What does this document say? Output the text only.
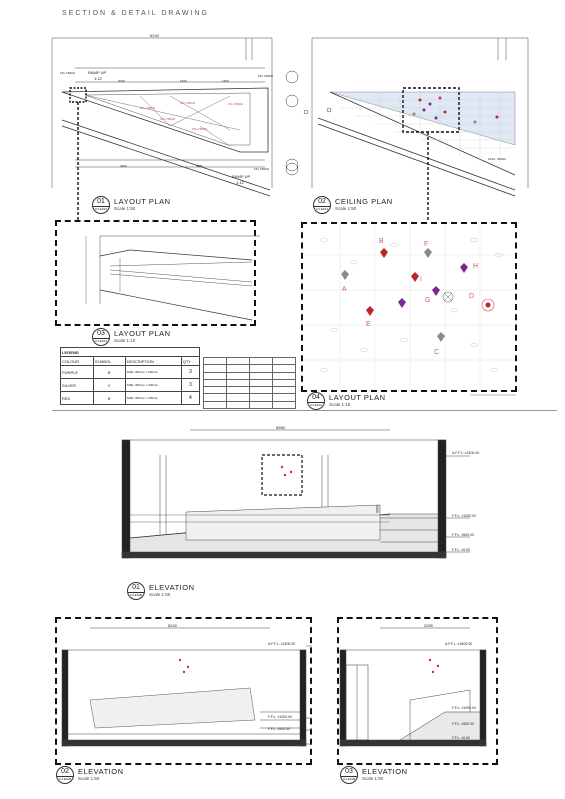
SECTION & DETAIL DRAWING
FFL ±500H
FFL ±500H
FFL ±500H
FFL ±500H
FFL ±500H
B	F
H
A
I
G
D
E
C
RAMP UP
1:12
RAMP UP
1:12
FFL ±500H
FFL ±500H
FFL ±500H
6240
3030	1600	1400
2900	2880
AFFL: 2400H
01
C3-E10A
LAYOUT PLAN
Scale 1:50
02
C3-E10A
CEILING PLAN
Scale 1:50
03
C3-E10A
LAYOUT PLAN
Scale 1:10
04
C3-E10A
LAYOUT PLAN
Scale 1:15
LEGEND			
COLOUR	SYMBOL	DESCRIPTION	QTY
PURPLE	❦	SIZE: 300mm x 300mm	3
SILVER	❦	SIZE: 300mm x 300mm	3
RED	❦	SIZE: 300mm x 300mm	4

6560
A.F.F.L: ±2400.00
F.F.L: ±1000.00
F.F.L: ±500.00
F.F.L: ±0.00
1000
6240
A.F.F.L: ±2400.00
F.F.L: ±1000.00
F.F.L: ±500.00
F.F.L: ±0.00
2290
A.F.F.L: ±2400.00
F.F.L: ±1000.00
F.F.L: ±500.00
F.F.L: ±0.00
01
C3-E10B
ELEVATION
Scale 1:50
02
C3-E10B
ELEVATION
Scale 1:50
03
C3-E10B
ELEVATION
Scale 1:50
